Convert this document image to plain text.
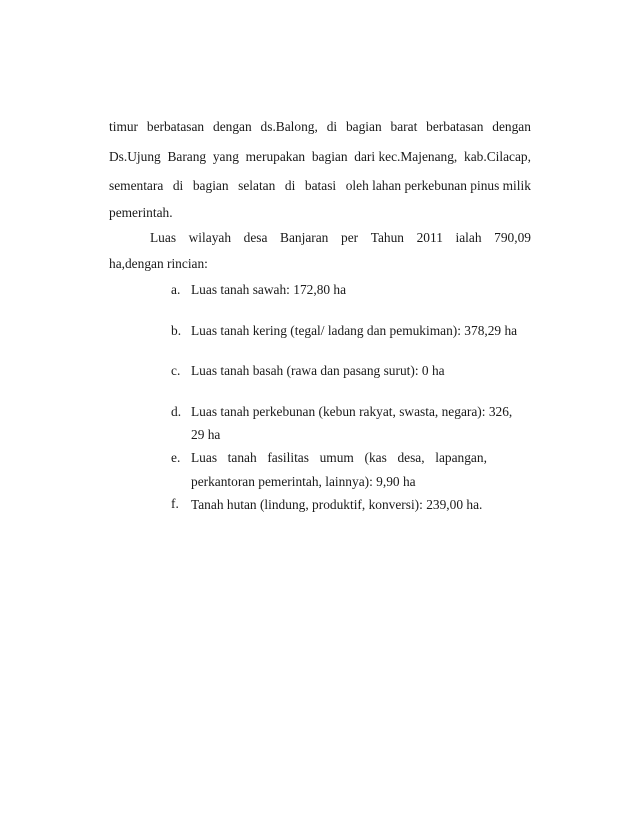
timur berbatasan dengan ds.Balong, di bagian barat berbatasan dengan
Ds.Ujung Barang yang merupakan bagian dari kec.Majenang, kab.Cilacap,
sementara di bagian selatan di batasi oleh lahan perkebunan pinus milik
pemerintah.
Luas wilayah desa Banjaran per Tahun 2011 ialah 790,09
ha,dengan rincian:
a. Luas tanah sawah: 172,80 ha
b. Luas tanah kering (tegal/ ladang dan pemukiman): 378,29 ha
c. Luas tanah basah (rawa dan pasang surut): 0 ha
d. Luas tanah perkebunan (kebun rakyat, swasta, negara): 326,
29 ha
e. Luas tanah fasilitas umum (kas desa, lapangan,
perkantoran pemerintah, lainnya): 9,90 ha
f. Tanah hutan (lindung, produktif, konversi): 239,00 ha.
